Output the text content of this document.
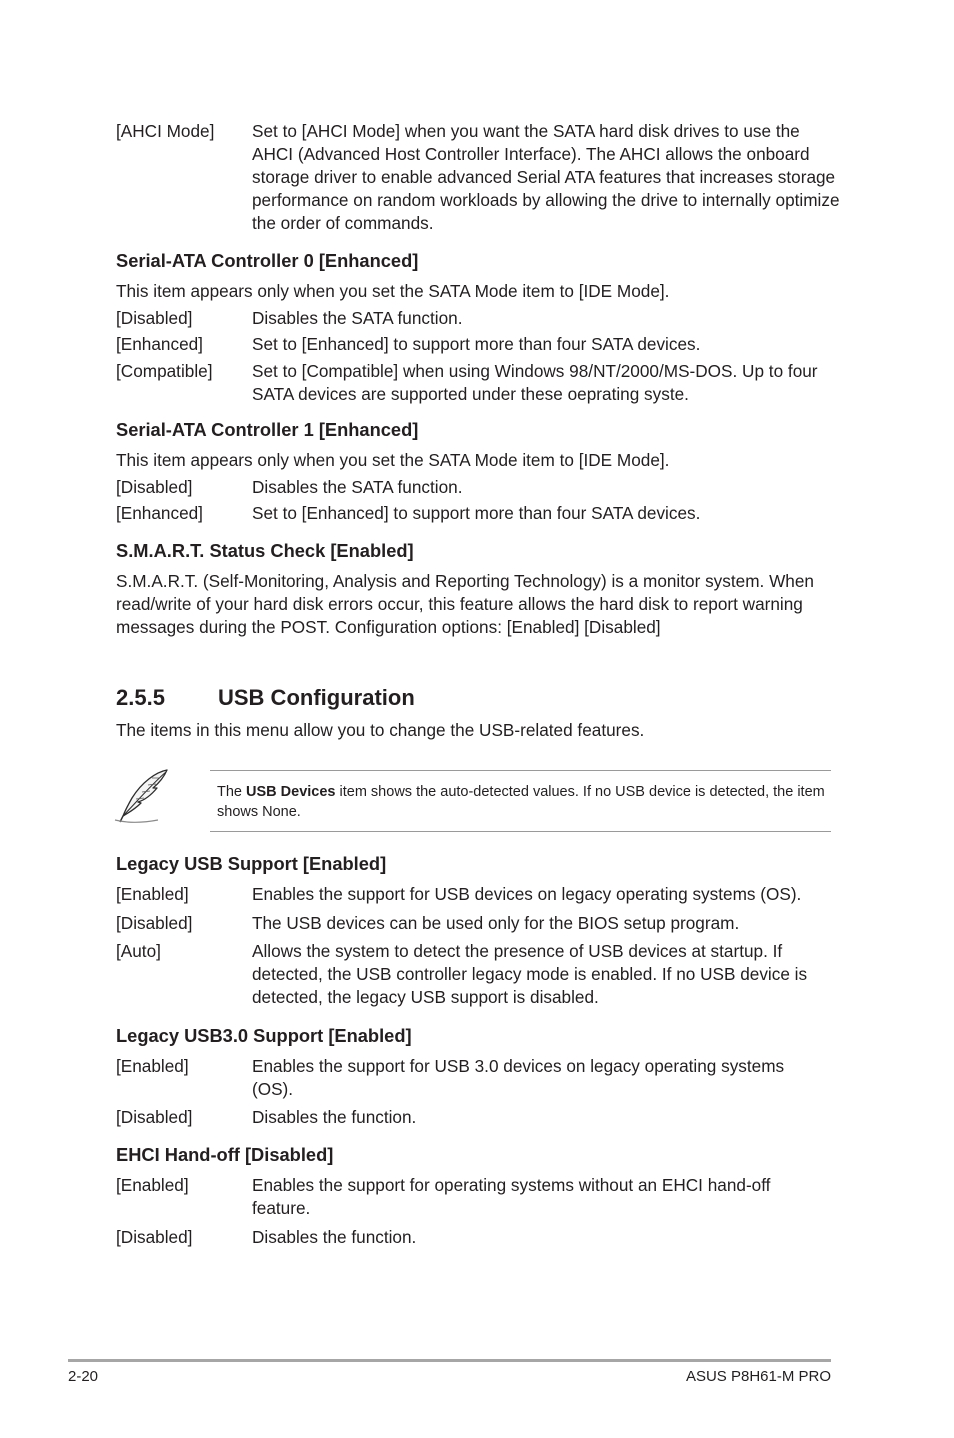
[AHCI Mode] Set to [AHCI Mode] when you want the SATA hard disk drives to use the AHCI (Advanced Host Controller Interface). The AHCI allows the onboard storage driver to enable advanced Serial ATA features that increases storage performance on random workloads by allowing the drive to internally optimize the order of commands.
Serial-ATA Controller 0 [Enhanced]
This item appears only when you set the SATA Mode item to [IDE Mode].
[Disabled]	Disables the SATA function.
[Enhanced]	Set to [Enhanced] to support more than four SATA devices.
[Compatible] Set to [Compatible] when using Windows 98/NT/2000/MS-DOS. Up to four SATA devices are supported under these oeprating syste.
Serial-ATA Controller 1 [Enhanced]
This item appears only when you set the SATA Mode item to [IDE Mode].
[Disabled]	Disables the SATA function.
[Enhanced]	Set to [Enhanced] to support more than four SATA devices.
S.M.A.R.T. Status Check [Enabled]
S.M.A.R.T. (Self-Monitoring, Analysis and Reporting Technology) is a monitor system. When read/write of your hard disk errors occur, this feature allows the hard disk to report warning messages during the POST. Configuration options: [Enabled] [Disabled]
2.5.5 USB Configuration
The items in this menu allow you to change the USB-related features.
The USB Devices item shows the auto-detected values. If no USB device is detected, the item shows None.
Legacy USB Support [Enabled]
[Enabled]	Enables the support for USB devices on legacy operating systems (OS).
[Disabled]	The USB devices can be used only for the BIOS setup program.
[Auto]	Allows the system to detect the presence of USB devices at startup. If detected, the USB controller legacy mode is enabled. If no USB device is detected, the legacy USB support is disabled.
Legacy USB3.0 Support [Enabled]
[Enabled]	Enables the support for USB 3.0 devices on legacy operating systems (OS).
[Disabled]	Disables the function.
EHCI Hand-off [Disabled]
[Enabled]	Enables the support for operating systems without an EHCI hand-off feature.
[Disabled]	Disables the function.
2-20	ASUS P8H61-M PRO
